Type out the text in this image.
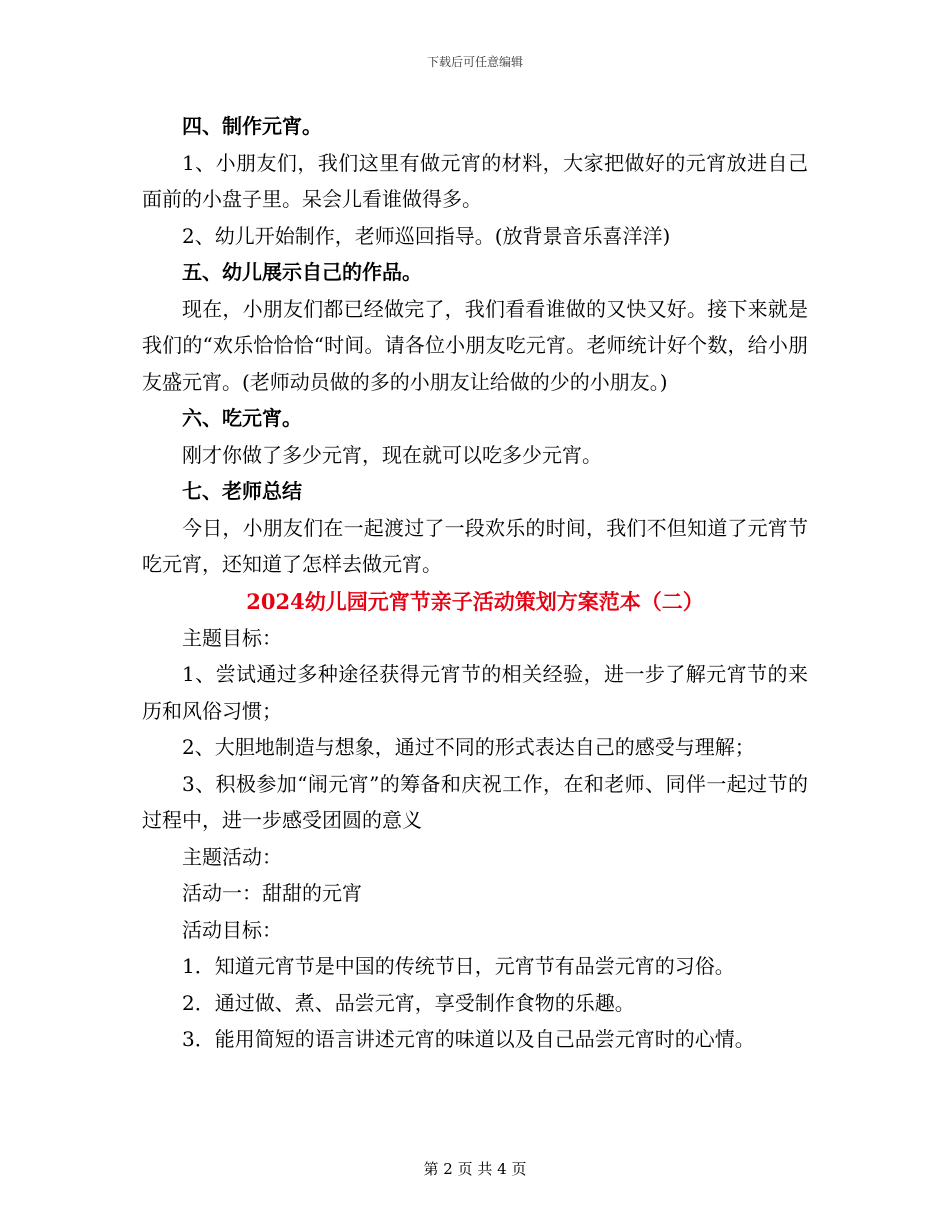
下载后可任意编辑

四、制作元宵。

1、小朋友们，我们这里有做元宵的材料，大家把做好的元宵放进自己面前的小盘子里。呆会儿看谁做得多。

2、幼儿开始制作，老师巡回指导。(放背景音乐喜洋洋)

五、幼儿展示自己的作品。

现在，小朋友们都已经做完了，我们看看谁做的又快又好。接下来就是我们的“欢乐恰恰恰“时间。请各位小朋友吃元宵。老师统计好个数，给小朋友盛元宵。(老师动员做的多的小朋友让给做的少的小朋友。)

六、吃元宵。

刚才你做了多少元宵，现在就可以吃多少元宵。

七、老师总结

今日，小朋友们在一起渡过了一段欢乐的时间，我们不但知道了元宵节吃元宵，还知道了怎样去做元宵。

2024幼儿园元宵节亲子活动策划方案范本（二）

主题目标：

1、尝试通过多种途径获得元宵节的相关经验，进一步了解元宵节的来历和风俗习惯；

2、大胆地制造与想象，通过不同的形式表达自己的感受与理解；

3、积极参加“闹元宵”的筹备和庆祝工作，在和老师、同伴一起过节的过程中，进一步感受团圆的意义

主题活动：

活动一：甜甜的元宵

活动目标：

1．知道元宵节是中国的传统节日，元宵节有品尝元宵的习俗。

2．通过做、煮、品尝元宵，享受制作食物的乐趣。

3．能用简短的语言讲述元宵的味道以及自己品尝元宵时的心情。

第 2 页 共 4 页
